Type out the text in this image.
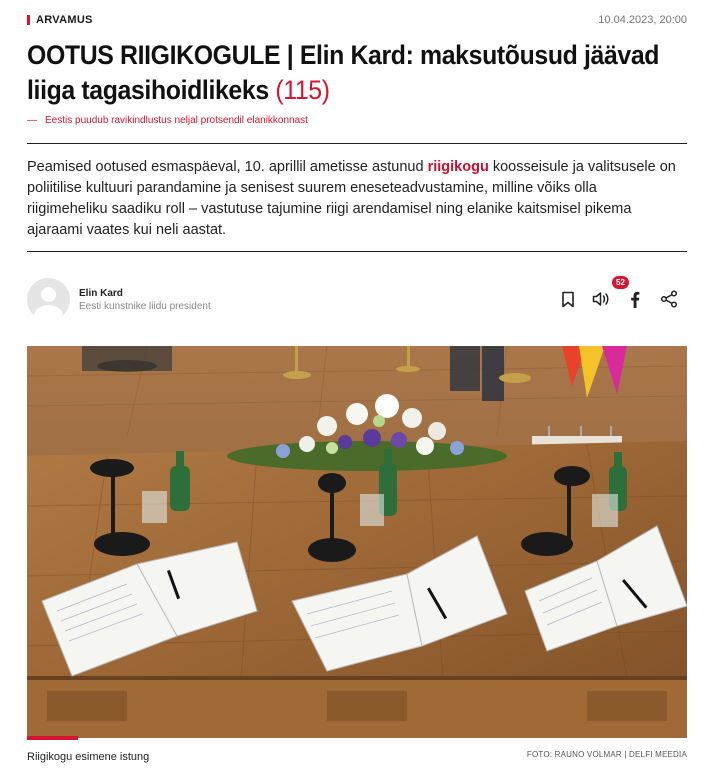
ARVAMUS	10.04.2023, 20:00
OOTUS RIIGIKOGULE | Elin Kard: maksutõusud jäävad liiga tagasihoidlikeks (115)
— Eestis puudub ravikindlustus neljal protsendil elanikkonnast

Peamised ootused esmaspäeval, 10. aprillil ametisse astunud riigikogu koosseisule ja valitsusele on poliitilise kultuuri parandamine ja senisest suurem eneseteadvustamine, milline võiks olla riigimeheliku saadiku roll – vastutuse tajumine riigi arendamisel ning elanike kaitsmisel pikema ajaraami vaates kui neli aastat.

Elin Kard
Eesti kunstnike liidu president
52
Riigikogu esimene istung	FOTO: RAUNO VOLMAR | DELFI MEEDIA
